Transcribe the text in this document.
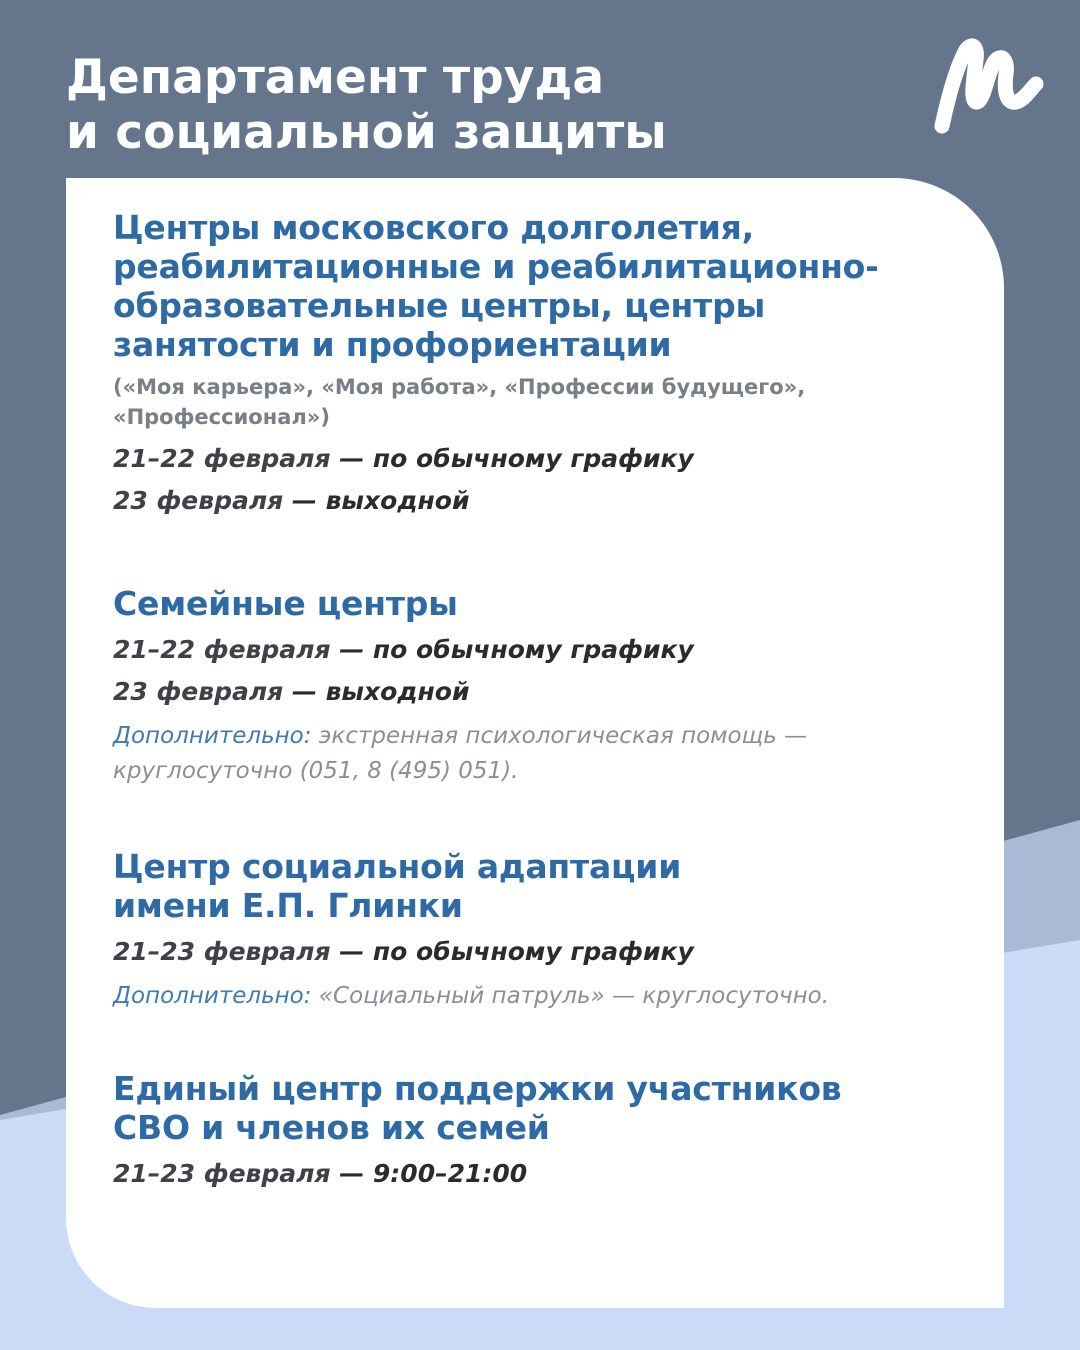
Департамент труда
и социальной защиты
Центры московского долголетия,
реабилитационные и реабилитационно-
образовательные центры, центры
занятости и профориентации

(«Моя карьера», «Моя работа», «Профессии будущего»,
«Профессионал»)

21–22 февраля — по обычному графику

23 февраля — выходной

Семейные центры

21–22 февраля — по обычному графику

23 февраля — выходной

Дополнительно: экстренная психологическая помощь —
круглосуточно (051, 8 (495) 051).

Центр социальной адаптации
имени Е.П. Глинки

21–23 февраля — по обычному графику

Дополнительно: «Социальный патруль» — круглосуточно.

Единый центр поддержки участников
СВО и членов их семей

21–23 февраля — 9:00–21:00
